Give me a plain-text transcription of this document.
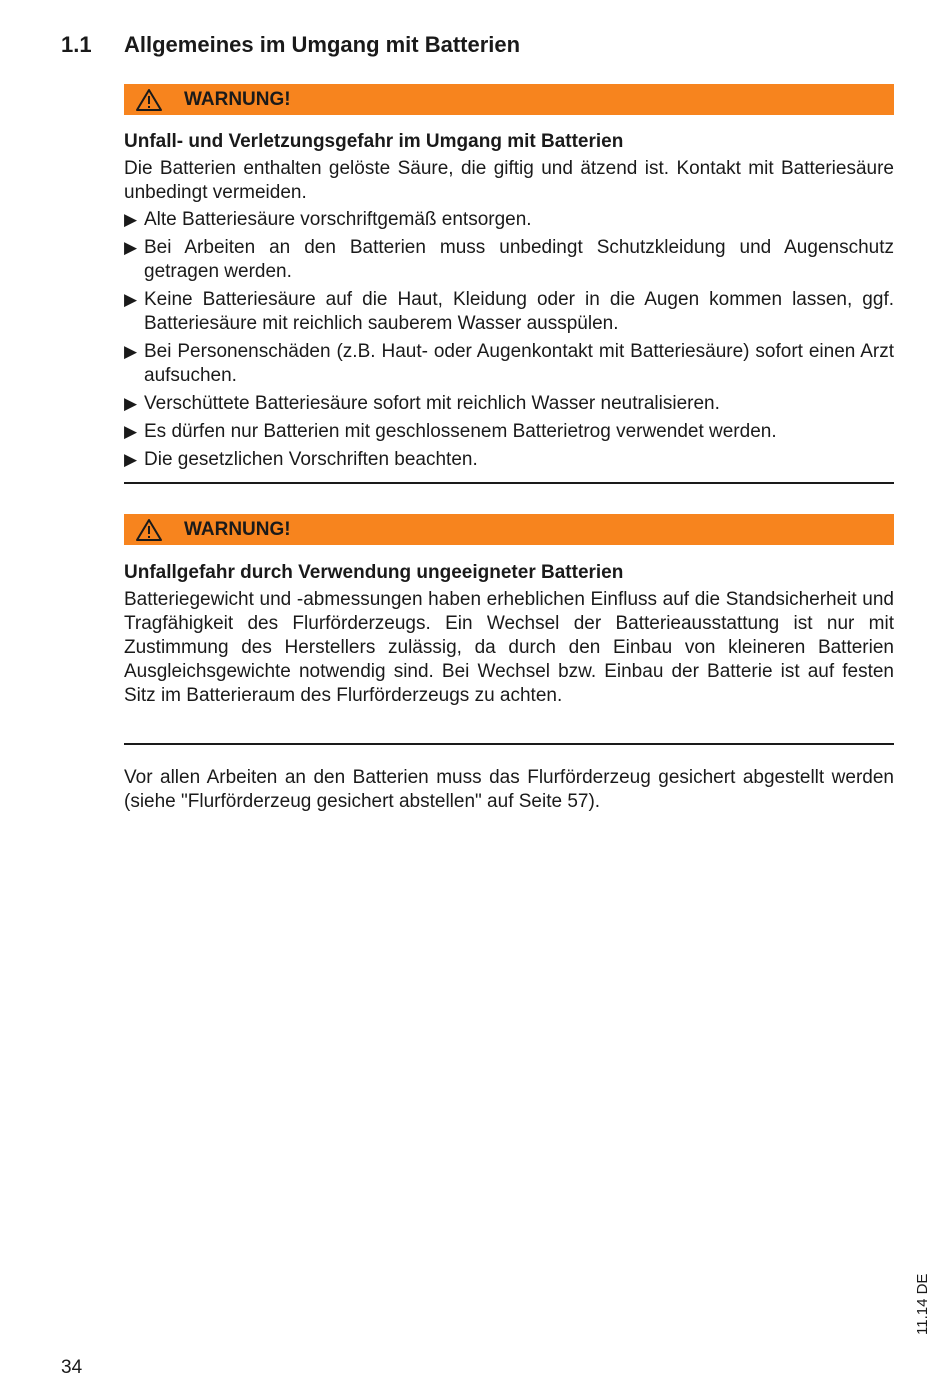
1.1 Allgemeines im Umgang mit Batterien
WARNUNG!
Unfall- und Verletzungsgefahr im Umgang mit Batterien

Die Batterien enthalten gelöste Säure, die giftig und ätzend ist. Kontakt mit Batteriesäure unbedingt vermeiden.

▶ Alte Batteriesäure vorschriftgemäß entsorgen.
▶ Bei Arbeiten an den Batterien muss unbedingt Schutzkleidung und Augenschutz getragen werden.
▶ Keine Batteriesäure auf die Haut, Kleidung oder in die Augen kommen lassen, ggf. Batteriesäure mit reichlich sauberem Wasser ausspülen.
▶ Bei Personenschäden (z.B. Haut- oder Augenkontakt mit Batteriesäure) sofort einen Arzt aufsuchen.
▶ Verschüttete Batteriesäure sofort mit reichlich Wasser neutralisieren.
▶ Es dürfen nur Batterien mit geschlossenem Batterietrog verwendet werden.
▶ Die gesetzlichen Vorschriften beachten.
WARNUNG!
Unfallgefahr durch Verwendung ungeeigneter Batterien

Batteriegewicht und -abmessungen haben erheblichen Einfluss auf die Standsicherheit und Tragfähigkeit des Flurförderzeugs. Ein Wechsel der Batterieausstattung ist nur mit Zustimmung des Herstellers zulässig, da durch den Einbau von kleineren Batterien Ausgleichsgewichte notwendig sind. Bei Wechsel bzw. Einbau der Batterie ist auf festen Sitz im Batterieraum des Flurförderzeugs zu achten.

Vor allen Arbeiten an den Batterien muss das Flurförderzeug gesichert abgestellt werden (siehe "Flurförderzeug gesichert abstellen" auf Seite 57).

11.14 DE
34
